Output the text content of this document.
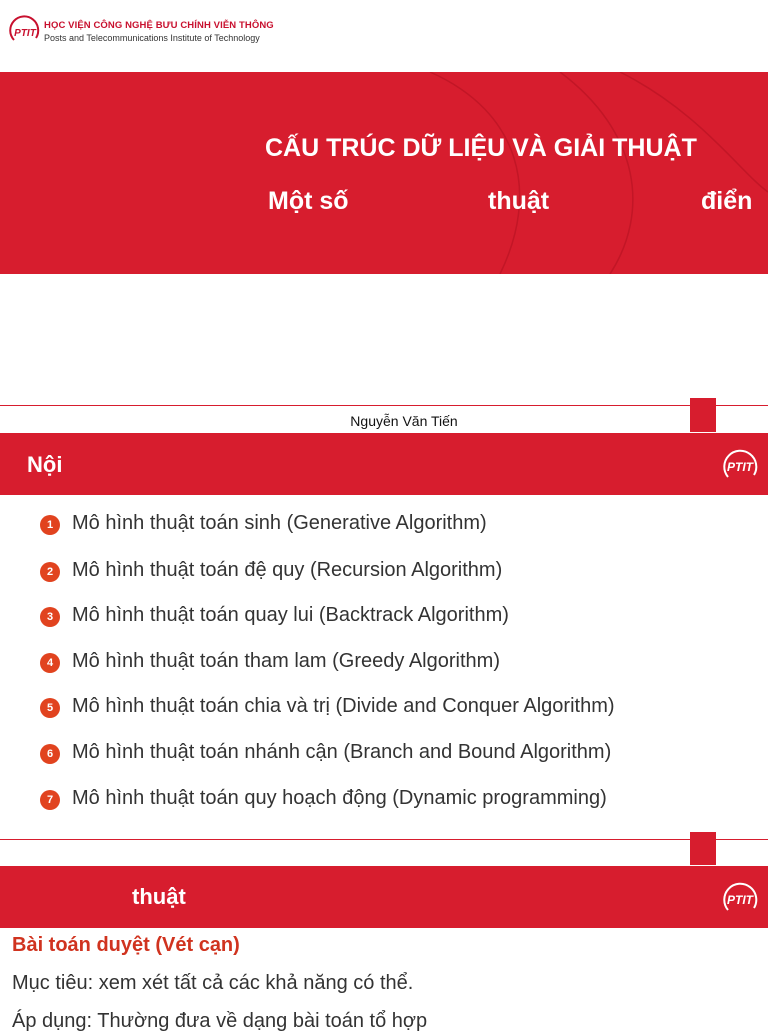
PTIT
HỌC VIỆN CÔNG NGHỆ BƯU CHÍNH VIỄN THÔNG
Posts and Telecommunications Institute of Technology
CẤU TRÚC DỮ LIỆU VÀ GIẢI THUẬT
Một số	thuật	điển
Nguyễn Văn Tiến
Nội	PTIT
1 Mô hình thuật toán sinh (Generative Algorithm)
2 Mô hình thuật toán đệ quy (Recursion Algorithm)
3 Mô hình thuật toán quay lui (Backtrack Algorithm)
4 Mô hình thuật toán tham lam (Greedy Algorithm)
5 Mô hình thuật toán chia và trị (Divide and Conquer Algorithm)
6 Mô hình thuật toán nhánh cận (Branch and Bound Algorithm)
7 Mô hình thuật toán quy hoạch động (Dynamic programming)
thuật	PTIT
Bài toán duyệt (Vét cạn)
Mục tiêu: xem xét tất cả các khả năng có thể.
Áp dụng: Thường đưa về dạng bài toán tổ hợp
